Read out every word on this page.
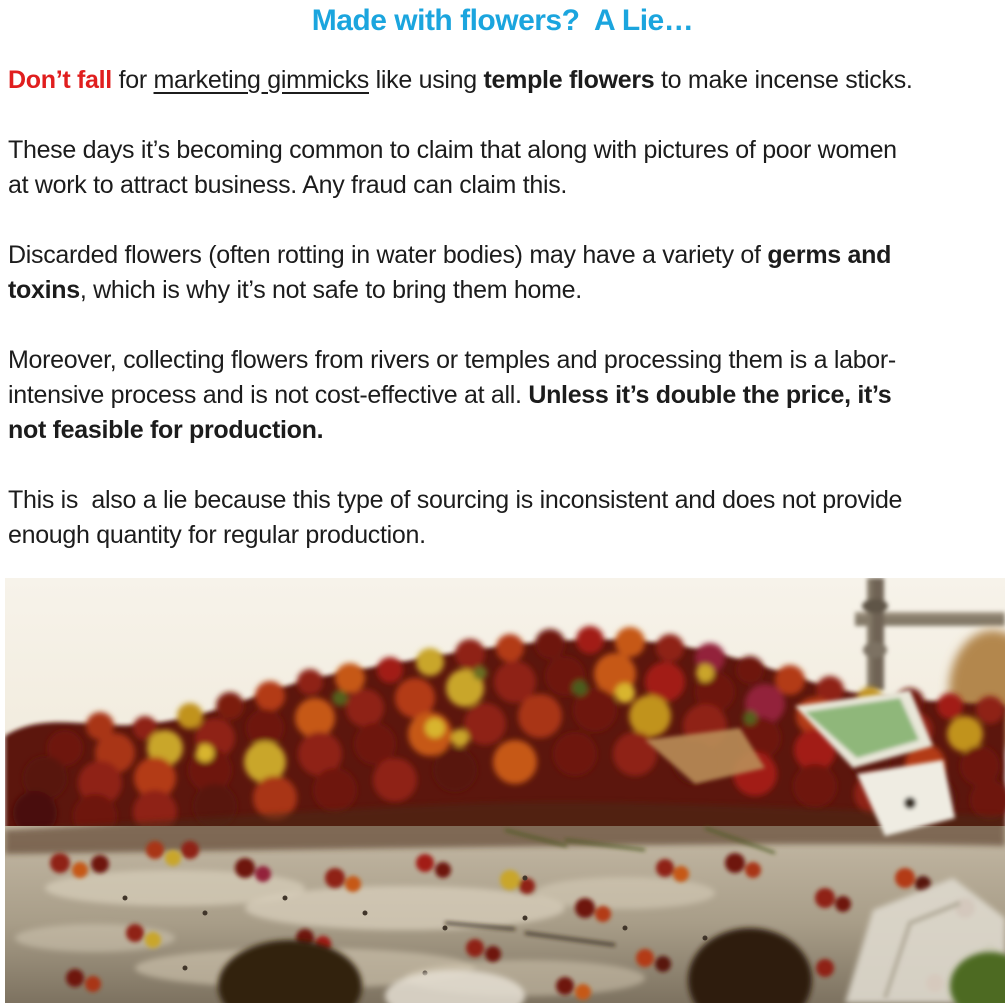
Made with flowers?  A Lie…
Don’t fall for marketing gimmicks like using temple flowers to make incense sticks.
These days it’s becoming common to claim that along with pictures of poor women
at work to attract business. Any fraud can claim this.
Discarded flowers (often rotting in water bodies) may have a variety of germs and
toxins, which is why it’s not safe to bring them home.
Moreover, collecting flowers from rivers or temples and processing them is a labor-
intensive process and is not cost-effective at all. Unless it’s double the price, it’s
not feasible for production.
This is  also a lie because this type of sourcing is inconsistent and does not provide
enough quantity for regular production.
